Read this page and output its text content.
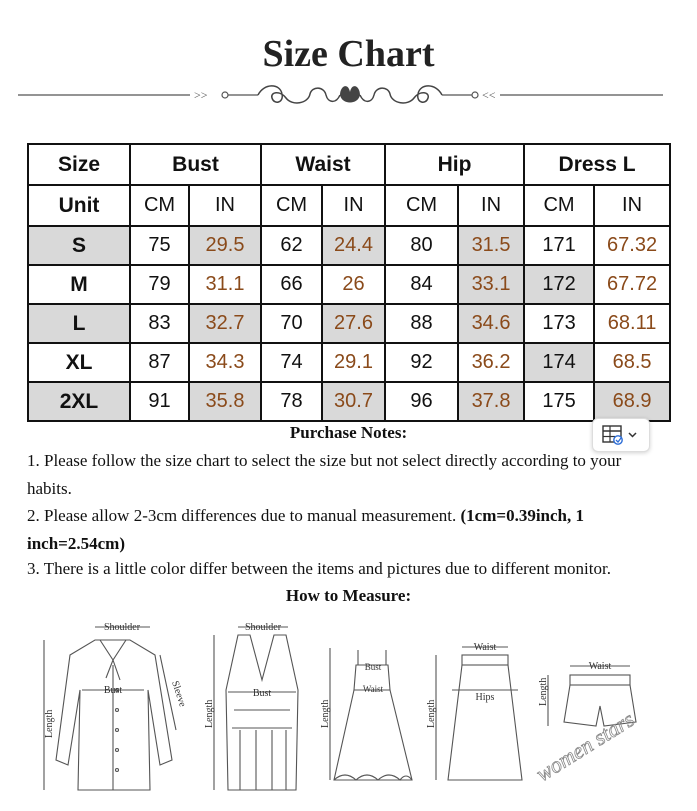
Size Chart
>>	<<
Size	Bust		Waist		Hip		Dress L	
Unit	CM	IN	CM	IN	CM	IN	CM	IN
S	75	29.5	62	24.4	80	31.5	171	67.32
M	79	31.1	66	26	84	33.1	172	67.72
L	83	32.7	70	27.6	88	34.6	173	68.11
XL	87	34.3	74	29.1	92	36.2	174	68.5
2XL	91	35.8	78	30.7	96	37.8	175	68.9
Purchase Notes:
1. Please follow the size chart to select the size but not select directly according to your habits.
2. Please allow 2-3cm differences due to manual measurement. (1cm=0.39inch, 1 inch=2.54cm)
3. There is a little color differ between the items and pictures due to different monitor.
How to Measure:
Shoulder
Bust	Sleeve
Length
Shoulder
Bust
Length
Bust
Waist
Length
Waist
Hips
Length
Waist
Length
women stars
